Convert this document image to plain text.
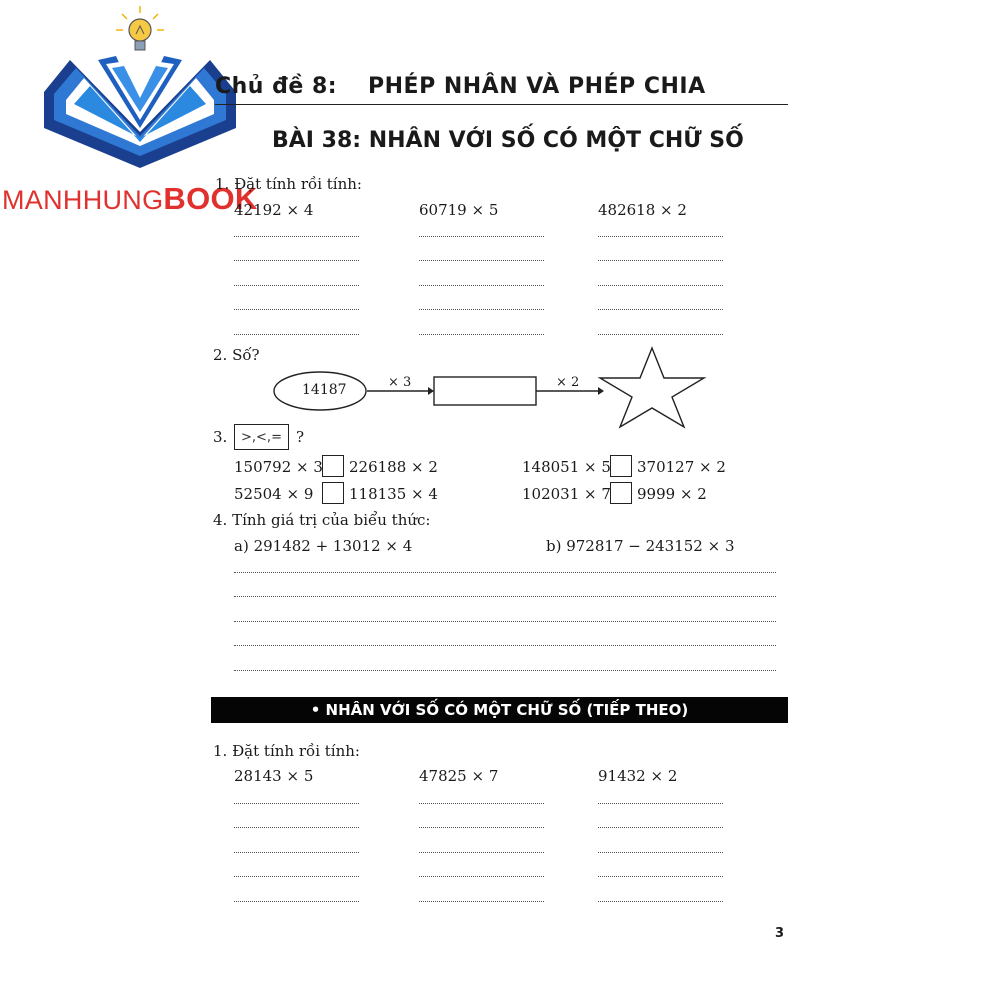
MANHHUNGBOOK
Chủ đề 8: PHÉP NHÂN VÀ PHÉP CHIA
BÀI 38: NHÂN VỚI SỐ CÓ MỘT CHỮ SỐ
1. Đặt tính rồi tính:
42192 × 4	60719 × 5	482618 × 2
2. Số?
14187	× 3	× 2
3.	>,<,= ?
150792 × 3 226188 × 2	148051 × 5 370127 × 2
52504 × 9 118135 × 4	102031 × 7 9999 × 2
4. Tính giá trị của biểu thức:
a) 291482 + 13012 × 4	b) 972817 − 243152 × 3
• NHÂN VỚI SỐ CÓ MỘT CHỮ SỐ (TIẾP THEO)
1. Đặt tính rồi tính:
28143 × 5	47825 × 7	91432 × 2
3
